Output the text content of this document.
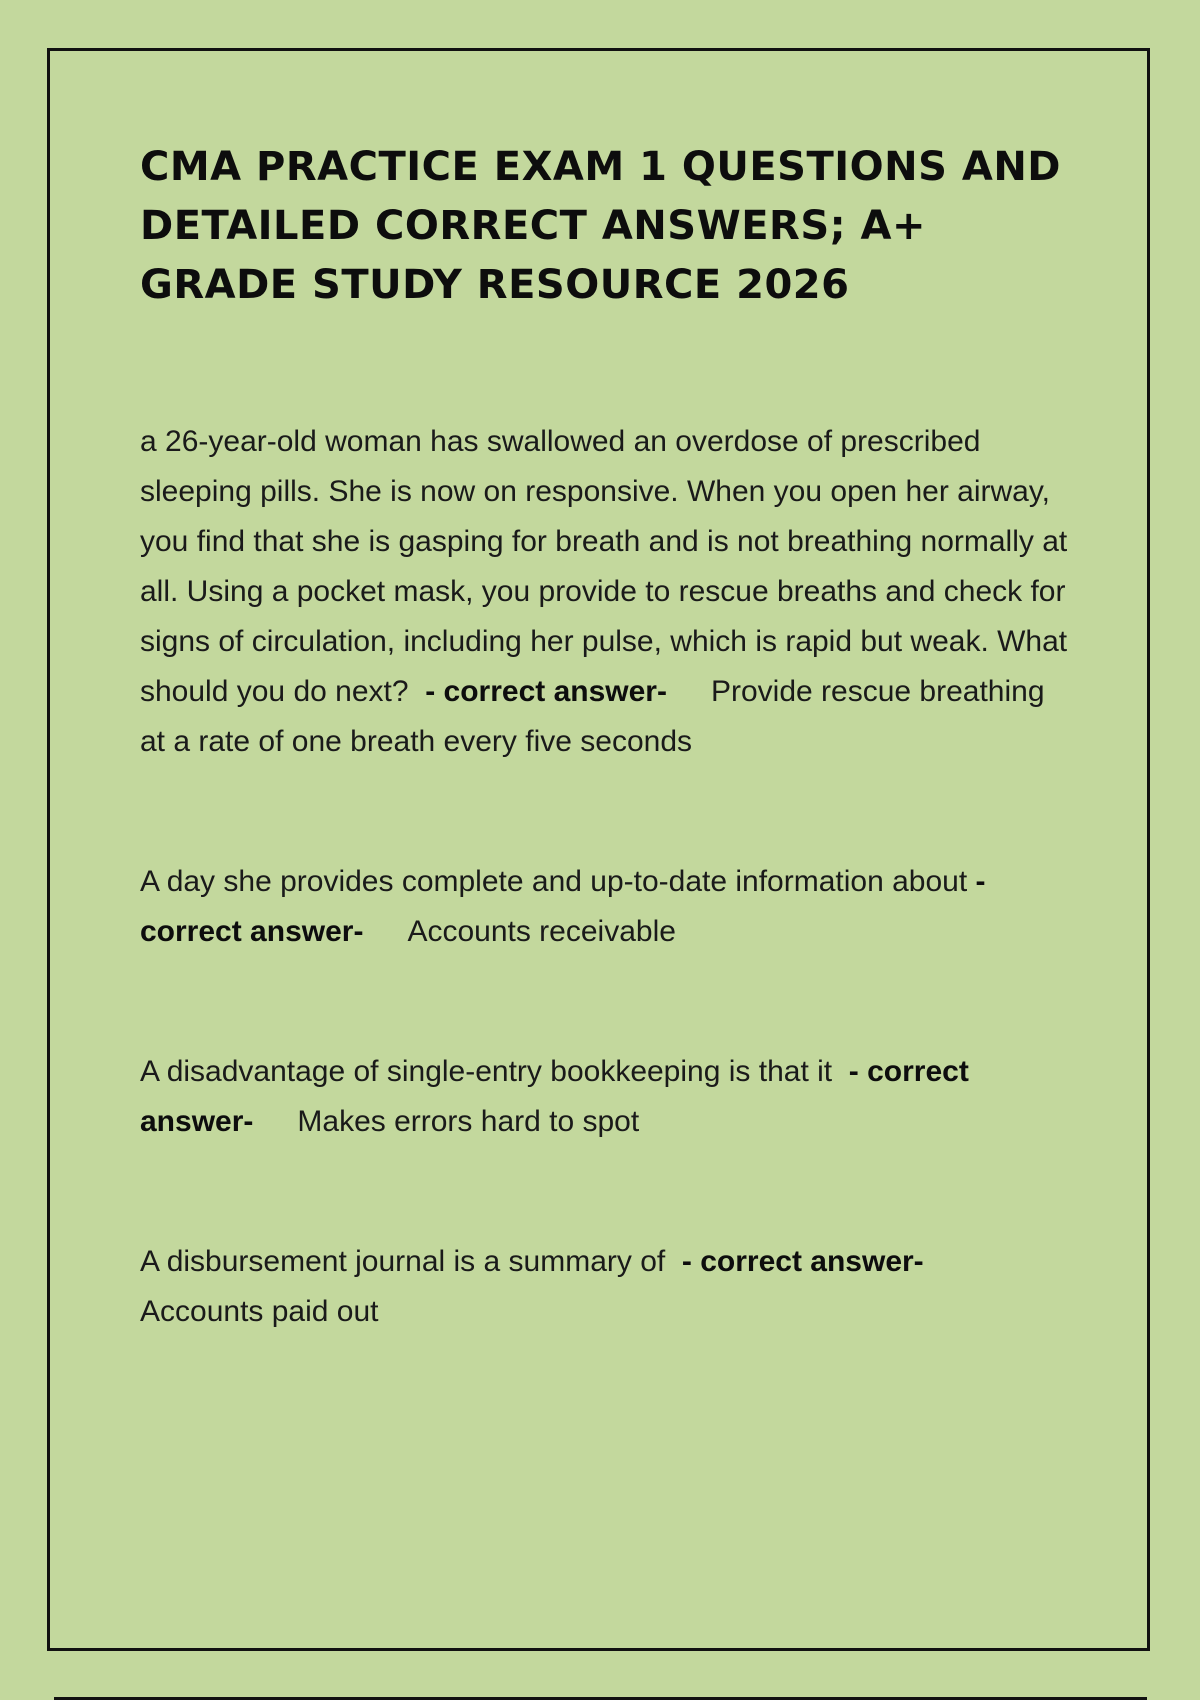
CMA PRACTICE EXAM 1 QUESTIONS AND DETAILED CORRECT ANSWERS; A+ GRADE STUDY RESOURCE 2026
a 26-year-old woman has swallowed an overdose of prescribed sleeping pills. She is now on responsive. When you open her airway, you find that she is gasping for breath and is not breathing normally at all. Using a pocket mask, you provide to rescue breaths and check for signs of circulation, including her pulse, which is rapid but weak. What should you do next? - correct answer- Provide rescue breathing at a rate of one breath every five seconds
A day she provides complete and up-to-date information about - correct answer- Accounts receivable
A disadvantage of single-entry bookkeeping is that it - correct answer- Makes errors hard to spot
A disbursement journal is a summary of - correct answer-Accounts paid out
